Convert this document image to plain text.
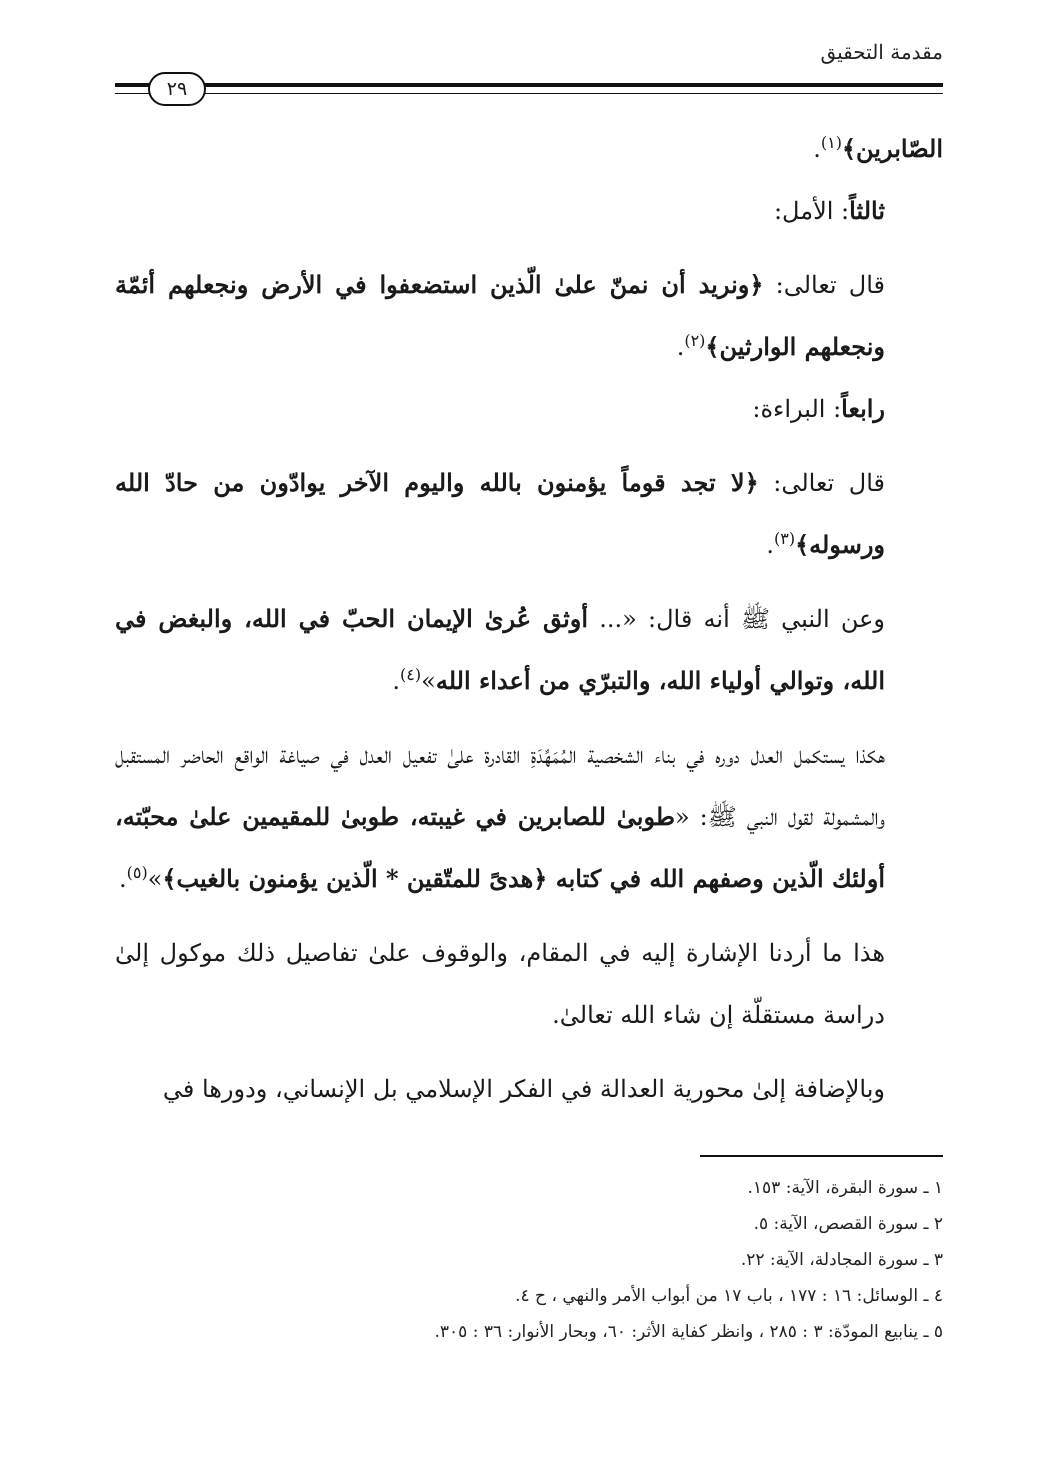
مقدمة التحقيق
٢٩

الصّابرين﴾$^{(١)}$.

ثالثاً: الأمل:

قال تعالى: ﴿ونريد أن نمنّ علىٰ الّذين استضعفوا في الأرض ونجعلهم أئمّة ونجعلهم الوارثين﴾$^{(٢)}$.

رابعاً: البراءة:

قال تعالى: ﴿لا تجد قوماً يؤمنون بالله واليوم الآخر يوادّون من حادّ الله ورسوله﴾$^{(٣)}$.

وعن النبي ﷺ أنه قال: «... أوثق عُرىٰ الإيمان الحبّ في الله، والبغض في الله، وتوالي أولياء الله، والتبرّي من أعداء الله»$^{(٤)}$.

هكذا يستكمل العدل دوره في بناء الشخصية المُمَهِّدَةِ القادرة علىٰ تفعيل العدل في صياغة الواقع الحاضر المستقبل والمشمولة لقول النبي ﷺ: «طوبىٰ للصابرين في غيبته، طوبىٰ للمقيمين علىٰ محبّته، أولئك الّذين وصفهم الله في كتابه ﴿هدىً للمتّقين * الّذين يؤمنون بالغيب﴾»$^{(٥)}$.

هذا ما أردنا الإشارة إليه في المقام، والوقوف علىٰ تفاصيل ذلك موكول إلىٰ دراسة مستقلّة إن شاء الله تعالىٰ.

وبالإضافة إلىٰ محورية العدالة في الفكر الإسلامي بل الإنساني، ودورها في

١ ـ سورة البقرة، الآية: ١٥٣.
٢ ـ سورة القصص، الآية: ٥.
٣ ـ سورة المجادلة، الآية: ٢٢.
٤ ـ الوسائل: ١٦ : ١٧٧ ، باب ١٧ من أبواب الأمر والنهي ، ح ٤.
٥ ـ ينابيع المودّة: ٣ : ٢٨٥ ، وانظر كفاية الأثر: ٦٠، وبحار الأنوار: ٣٦ : ٣٠٥.
